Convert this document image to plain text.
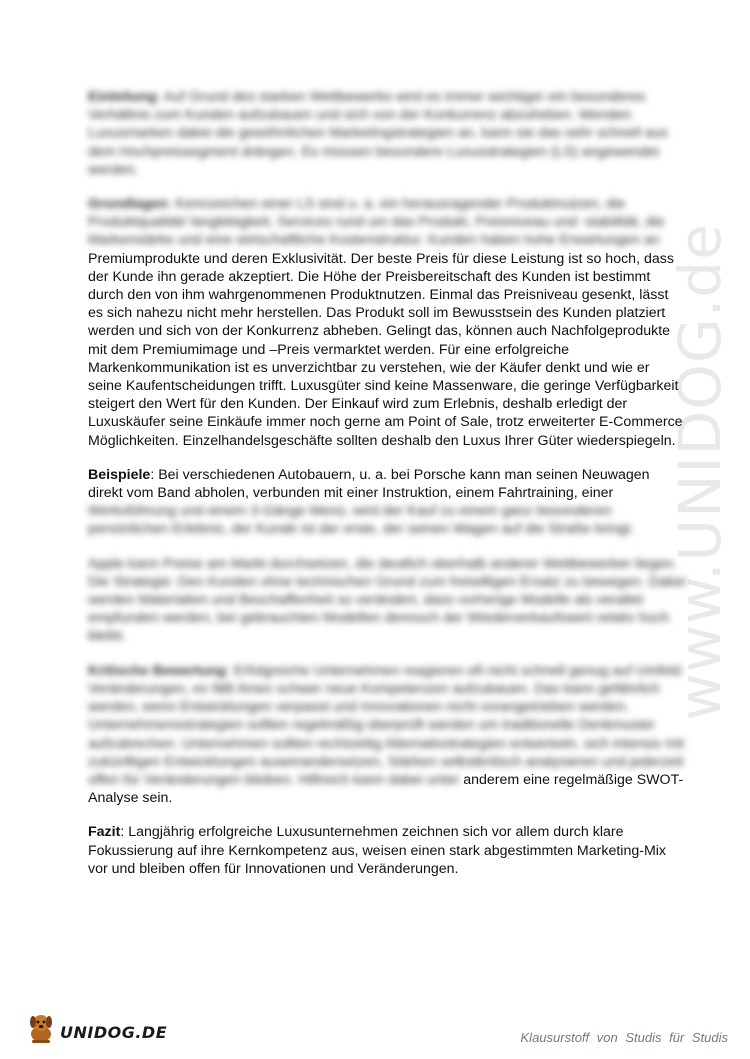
www.UNIDOG.de

Einleitung: Auf Grund des starken Wettbewerbs wird es immer wichtiger ein besonderes Verhältnis zum Kunden aufzubauen und sich von der Konkurrenz abzuheben. Wenden Luxusmarken dabei die gewöhnlichen Marketingstrategien an, kann sie das sehr schnell aus dem Hochpreissegment drängen. Es müssen besondere Luxusstrategien (LS) angewendet werden.

Grundlagen: Kennzeichen einer LS sind u. a. ein herausragender Produktnutzen, die Produktqualität/ langlebigkeit, Services rund um das Produkt, Preisniveau und -stabilität, die Markenstärke und eine wirtschaftliche Kostenstruktur. Kunden haben hohe Erwartungen an Premiumprodukte und deren Exklusivität. Der beste Preis für diese Leistung ist so hoch, dass der Kunde ihn gerade akzeptiert. Die Höhe der Preisbereitschaft des Kunden ist bestimmt durch den von ihm wahrgenommenen Produktnutzen. Einmal das Preisniveau gesenkt, lässt es sich nahezu nicht mehr herstellen. Das Produkt soll im Bewusstsein des Kunden platziert werden und sich von der Konkurrenz abheben. Gelingt das, können auch Nachfolgeprodukte mit dem Premiumimage und –Preis vermarktet werden. Für eine erfolgreiche Markenkommunikation ist es unverzichtbar zu verstehen, wie der Käufer denkt und wie er seine Kaufentscheidungen trifft. Luxusgüter sind keine Massenware, die geringe Verfügbarkeit steigert den Wert für den Kunden. Der Einkauf wird zum Erlebnis, deshalb erledigt der Luxuskäufer seine Einkäufe immer noch gerne am Point of Sale, trotz erweiterter E-Commerce Möglichkeiten. Einzelhandelsgeschäfte sollten deshalb den Luxus Ihrer Güter wiederspiegeln.

Beispiele: Bei verschiedenen Autobauern, u. a. bei Porsche kann man seinen Neuwagen direkt vom Band abholen, verbunden mit einer Instruktion, einem Fahrtraining, einer Werksführung und einem 3-Gänge Menü, wird der Kauf zu einem ganz besonderen persönlichen Erlebnis, der Kunde ist der erste, der seinen Wagen auf die Straße bringt.

Apple kann Preise am Markt durchsetzen, die deutlich oberhalb anderer Wettbewerber liegen. Die Strategie: Den Kunden ohne technischen Grund zum freiwilligen Ersatz zu bewegen. Dabei werden Materialien und Beschaffenheit so verändert, dass vorherige Modelle als veraltet empfunden werden, bei gebrauchten Modellen dennoch der Wiederverkaufswert relativ hoch bleibt.

Kritische Bewertung: Erfolgreiche Unternehmen reagieren oft nicht schnell genug auf Umfeld Veränderungen, es fällt ihnen schwer neue Kompetenzen aufzubauen. Das kann gefährlich werden, wenn Entwicklungen verpasst und Innovationen nicht vorangetrieben werden. Unternehmensstrategien sollten regelmäßig überprüft werden um traditionelle Denkmuster aufzubrechen. Unternehmen sollten rechtzeitig Alternativstrategien entwickeln, sich intensiv mit zukünftigen Entwicklungen auseinandersetzen, Stärken selbstkritisch analysieren und jederzeit offen für Veränderungen bleiben. Hilfreich kann dabei unter anderem eine regelmäßige SWOT-Analyse sein.

Fazit: Langjährig erfolgreiche Luxusunternehmen zeichnen sich vor allem durch klare Fokussierung auf ihre Kernkompetenz aus, weisen einen stark abgestimmten Marketing-Mix vor und bleiben offen für Innovationen und Veränderungen.

UNIDOG.DE	Klausurstoff von Studis für Studis
